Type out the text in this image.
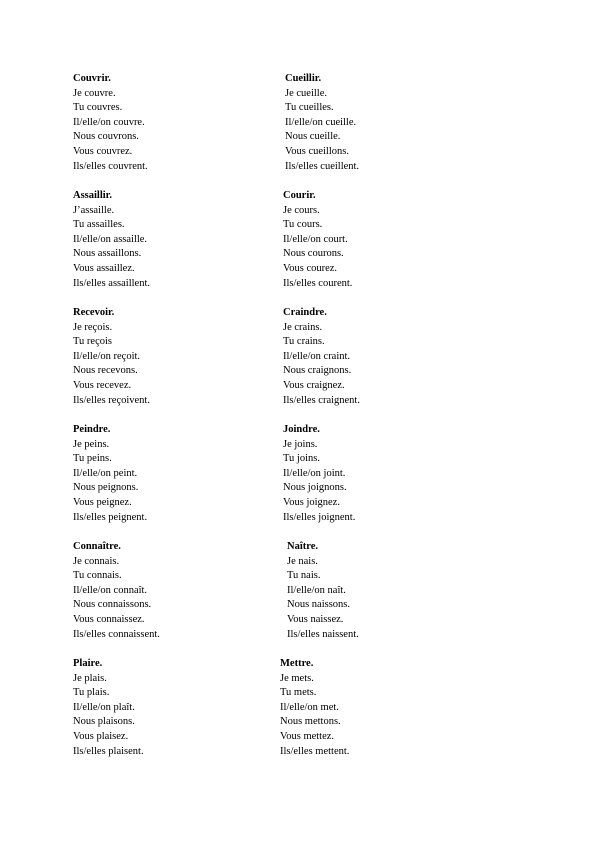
Couvrir.
Je couvre.
Tu couvres.
Il/elle/on couvre.
Nous couvrons.
Vous couvrez.
Ils/elles couvrent.
Cueillir.
Je cueille.
Tu cueilles.
Il/elle/on cueille.
Nous cueille.
Vous cueillons.
Ils/elles cueillent.
Assaillir.
J’assaille.
Tu assailles.
Il/elle/on assaille.
Nous assaillons.
Vous assaillez.
Ils/elles assaillent.
Courir.
Je cours.
Tu cours.
Il/elle/on court.
Nous courons.
Vous courez.
Ils/elles courent.
Recevoir.
Je reçois.
Tu reçois
Il/elle/on reçoit.
Nous recevons.
Vous recevez.
Ils/elles reçoivent.
Craindre.
Je crains.
Tu crains.
Il/elle/on craint.
Nous craignons.
Vous craignez.
Ils/elles craignent.
Peindre.
Je peins.
Tu peins.
Il/elle/on peint.
Nous peignons.
Vous peignez.
Ils/elles peignent.
Joindre.
Je joins.
Tu joins.
Il/elle/on joint.
Nous joignons.
Vous joignez.
Ils/elles joignent.
Connaître.
Je connais.
Tu connais.
Il/elle/on connaît.
Nous connaissons.
Vous connaissez.
Ils/elles connaissent.
Naître.
Je nais.
Tu nais.
Il/elle/on naît.
Nous naissons.
Vous naissez.
Ils/elles naissent.
Plaire.
Je plais.
Tu plais.
Il/elle/on plaît.
Nous plaisons.
Vous plaisez.
Ils/elles plaisent.
Mettre.
Je mets.
Tu mets.
Il/elle/on met.
Nous mettons.
Vous mettez.
Ils/elles mettent.
